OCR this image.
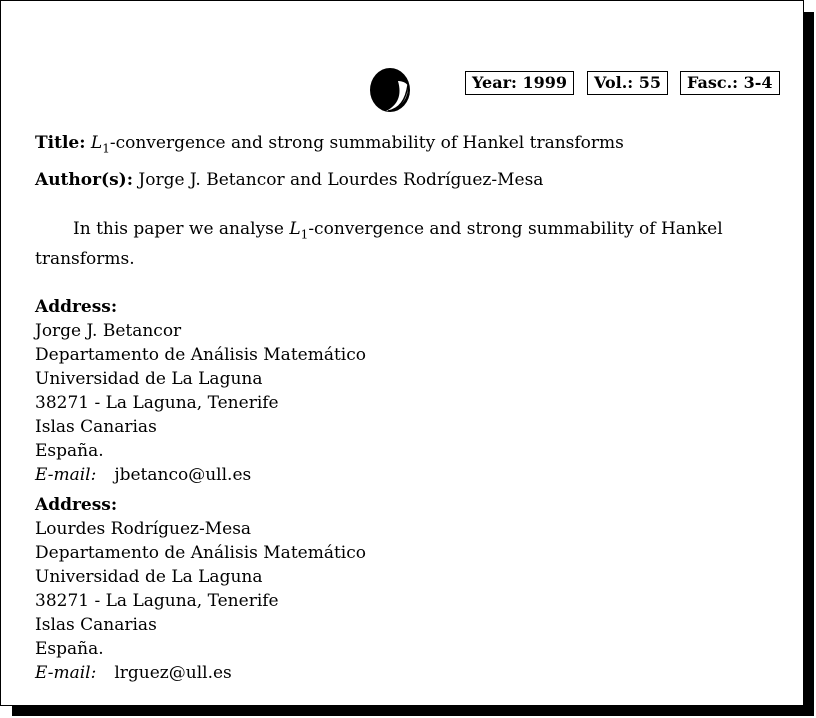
Year: 1999	Vol.: 55	Fasc.: 3-4
Title: $L_1$-convergence and strong summability of Hankel transforms
Author(s): Jorge J. Betancor and Lourdes Rodríguez-Mesa
In this paper we analyse $L_1$-convergence and strong summability of Hankel transforms.
Address:
Jorge J. Betancor
Departamento de Análisis Matemático
Universidad de La Laguna
38271 - La Laguna, Tenerife
Islas Canarias
España.
E-mail: jbetanco@ull.es
Address:
Lourdes Rodríguez-Mesa
Departamento de Análisis Matemático
Universidad de La Laguna
38271 - La Laguna, Tenerife
Islas Canarias
España.
E-mail: lrguez@ull.es
